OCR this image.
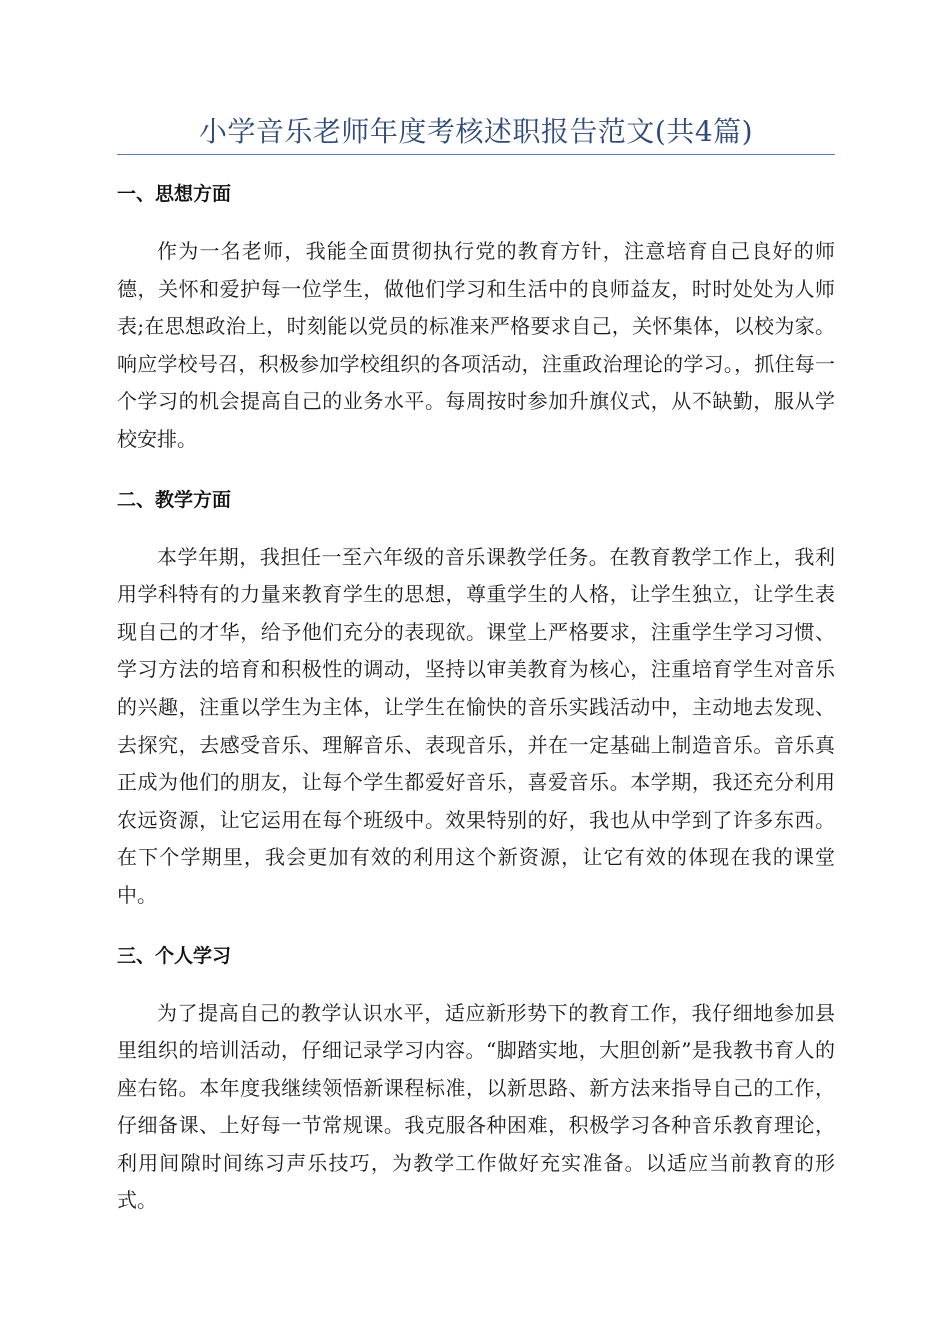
小学音乐老师年度考核述职报告范文(共4篇)
一、思想方面

作为一名老师，我能全面贯彻执行党的教育方针，注意培育自己良好的师德，关怀和爱护每一位学生，做他们学习和生活中的良师益友，时时处处为人师表;在思想政治上，时刻能以党员的标准来严格要求自己，关怀集体，以校为家。响应学校号召，积极参加学校组织的各项活动，注重政治理论的学习。，抓住每一个学习的机会提高自己的业务水平。每周按时参加升旗仪式，从不缺勤，服从学校安排。

二、教学方面

本学年期，我担任一至六年级的音乐课教学任务。在教育教学工作上，我利用学科特有的力量来教育学生的思想，尊重学生的人格，让学生独立，让学生表现自己的才华，给予他们充分的表现欲。课堂上严格要求，注重学生学习习惯、学习方法的培育和积极性的调动，坚持以审美教育为核心，注重培育学生对音乐的兴趣，注重以学生为主体，让学生在愉快的音乐实践活动中，主动地去发现、去探究，去感受音乐、理解音乐、表现音乐，并在一定基础上制造音乐。音乐真正成为他们的朋友，让每个学生都爱好音乐，喜爱音乐。本学期，我还充分利用农远资源，让它运用在每个班级中。效果特别的好，我也从中学到了许多东西。在下个学期里，我会更加有效的利用这个新资源，让它有效的体现在我的课堂中。

三、个人学习

为了提高自己的教学认识水平，适应新形势下的教育工作，我仔细地参加县里组织的培训活动，仔细记录学习内容。“脚踏实地，大胆创新”是我教书育人的座右铭。本年度我继续领悟新课程标准，以新思路、新方法来指导自己的工作，仔细备课、上好每一节常规课。我克服各种困难，积极学习各种音乐教育理论，利用间隙时间练习声乐技巧，为教学工作做好充实准备。以适应当前教育的形式。
